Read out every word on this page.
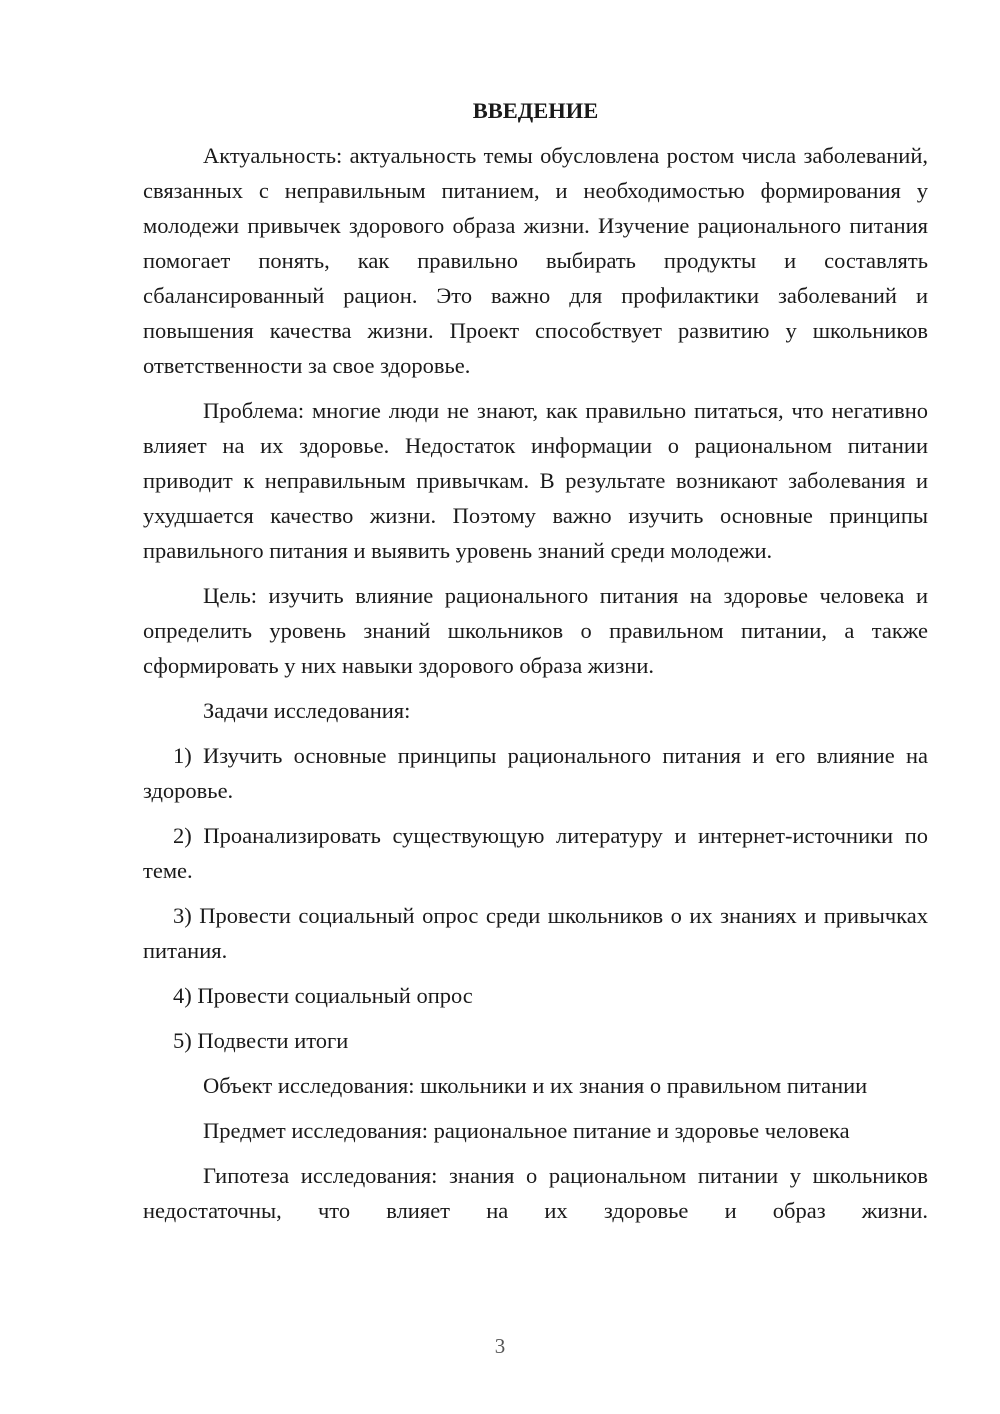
ВВЕДЕНИЕ

Актуальность: актуальность темы обусловлена ростом числа заболеваний, связанных с неправильным питанием, и необходимостью формирования у молодежи привычек здорового образа жизни. Изучение рационального питания помогает понять, как правильно выбирать продукты и составлять сбалансированный рацион. Это важно для профилактики заболеваний и повышения качества жизни. Проект способствует развитию у школьников ответственности за свое здоровье.

Проблема: многие люди не знают, как правильно питаться, что негативно влияет на их здоровье. Недостаток информации о рациональном питании приводит к неправильным привычкам. В результате возникают заболевания и ухудшается качество жизни. Поэтому важно изучить основные принципы правильного питания и выявить уровень знаний среди молодежи.

Цель: изучить влияние рационального питания на здоровье человека и определить уровень знаний школьников о правильном питании, а также сформировать у них навыки здорового образа жизни.

Задачи исследования:

1) Изучить основные принципы рационального питания и его влияние на здоровье.

2) Проанализировать существующую литературу и интернет-источники по теме.

3) Провести социальный опрос среди школьников о их знаниях и привычках питания.

4) Провести социальный опрос

5) Подвести итоги

Объект исследования: школьники и их знания о правильном питании

Предмет исследования: рациональное питание и здоровье человека

Гипотеза исследования: знания о рациональном питании у школьников недостаточны, что влияет на их здоровье и образ жизни.

3
